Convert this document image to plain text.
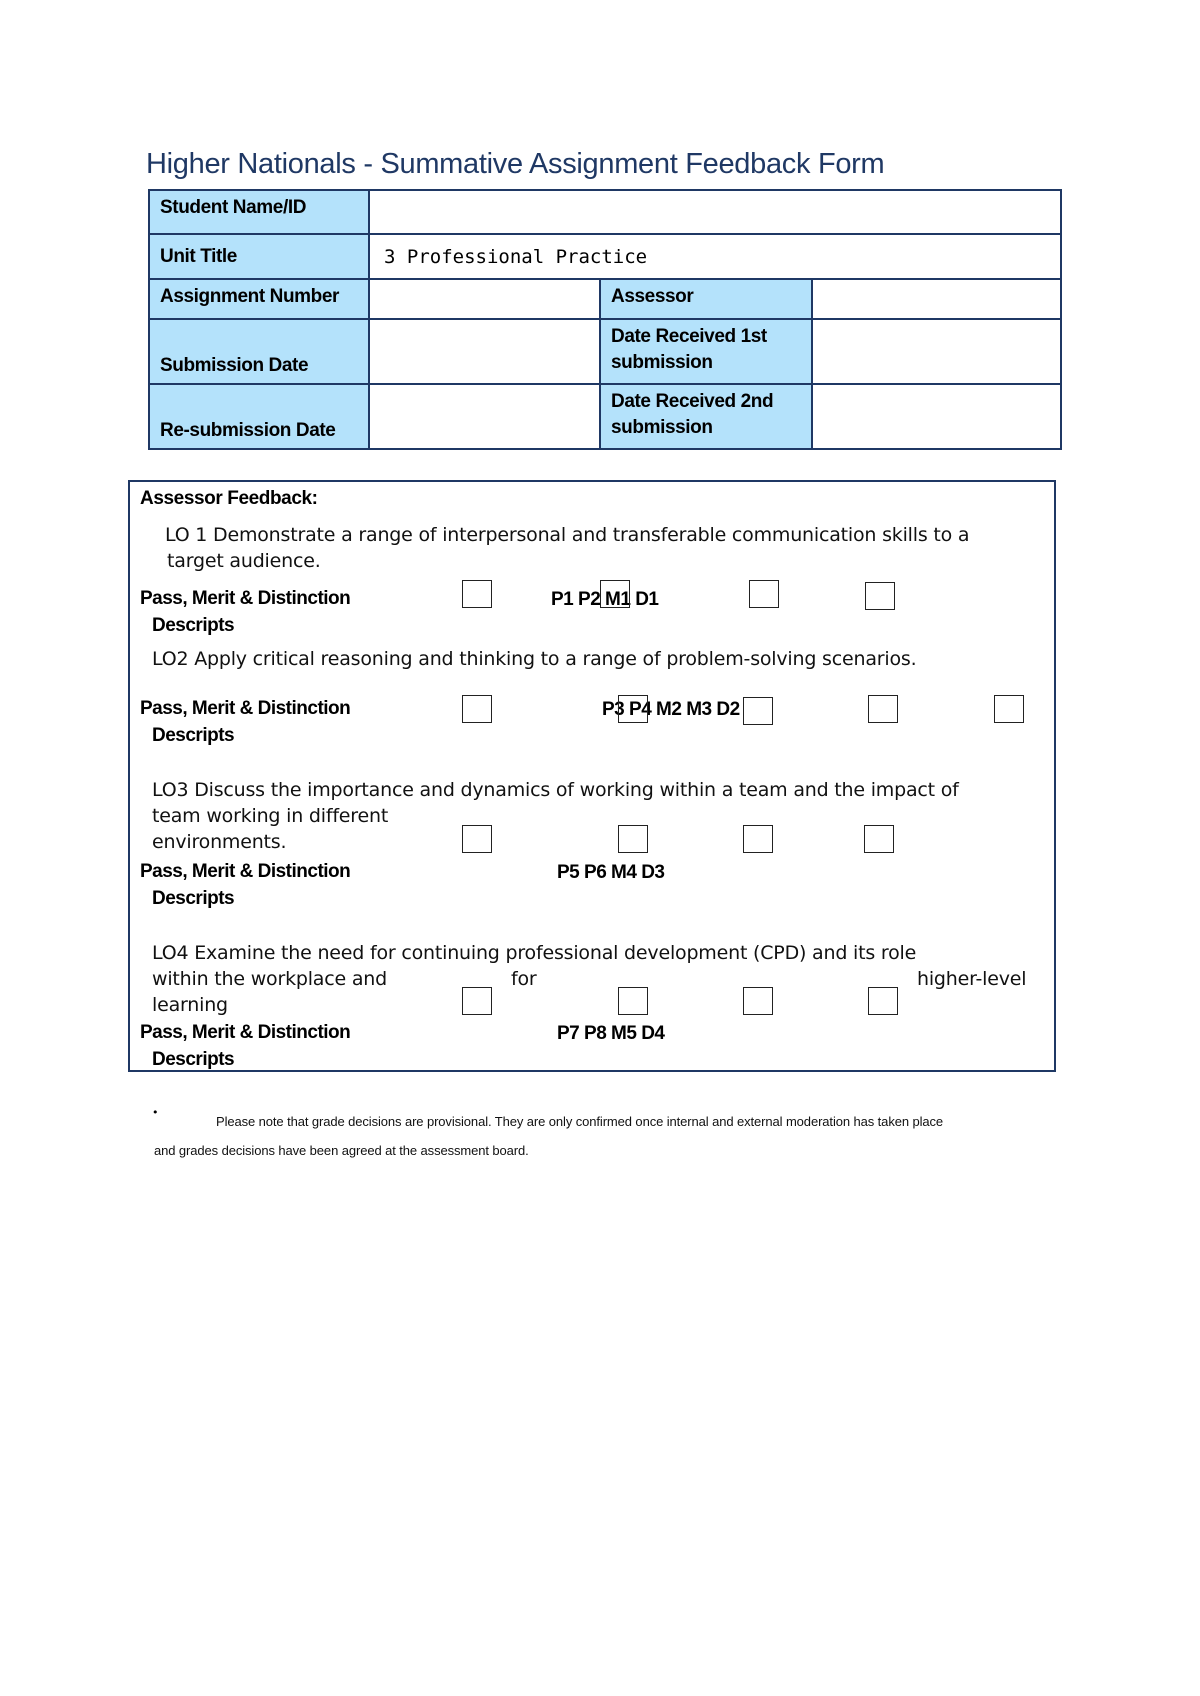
Higher Nationals - Summative Assignment Feedback Form
Student Name/ID			
Unit Title	3 Professional Practice		
Assignment Number		Assessor	
Submission Date		Date Received 1st submission	
Re-submission Date		Date Received 2nd submission	
Assessor Feedback:
LO 1 Demonstrate a range of interpersonal and transferable communication skills to a
target audience.
Pass, Merit & Distinction
Descripts
P1 P2 M1 D1
LO2 Apply critical reasoning and thinking to a range of problem-solving scenarios.
Pass, Merit & Distinction
Descripts
P3 P4 M2 M3 D2
LO3 Discuss the importance and dynamics of working within a team and the impact of
team working in different
environments.
Pass, Merit & Distinction
Descripts
P5 P6 M4 D3
LO4 Examine the need for continuing professional development (CPD) and its role
within the workplace and	for	higher-level
learning
Pass, Merit & Distinction
Descripts
P7 P8 M5 D4
•
Please note that grade decisions are provisional. They are only confirmed once internal and external moderation has taken place
and grades decisions have been agreed at the assessment board.
